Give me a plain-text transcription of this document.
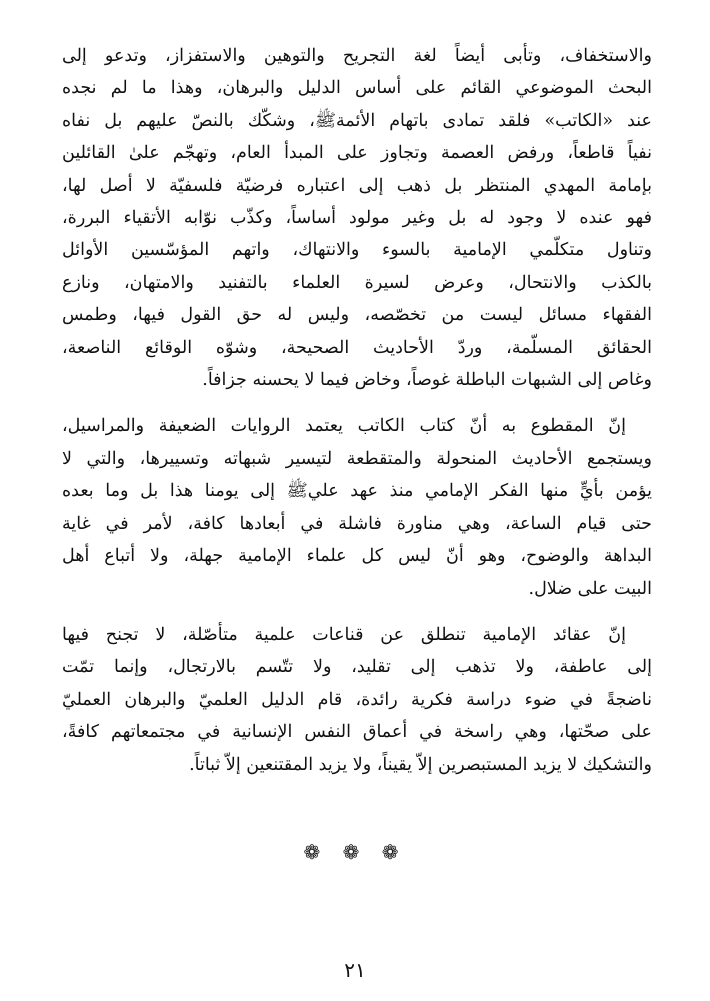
والاستخفاف، وتأبى أيضاً لغة التجريح والتوهين والاستفزاز، وتدعو إلى
البحث الموضوعي القائم على أساس الدليل والبرهان، وهذا ما لم نجده
عند «الكاتب» فلقد تمادى باتهام الأئمةﷺ، وشكّك بالنصّ عليهم بل نفاه
نفياً قاطعاً، ورفض العصمة وتجاوز على المبدأ العام، وتهجّم علىٰ القائلين
بإمامة المهدي المنتظر بل ذهب إلى اعتباره فرضيّة فلسفيّة لا أصل لها،
فهو عنده لا وجود له بل وغير مولود أساساً، وكذّب نوّابه الأتقياء البررة،
وتناول متكلّمي الإمامية بالسوء والانتهاك، واتهم المؤسّسين الأوائل
بالكذب والانتحال، وعرض لسيرة العلماء بالتفنيد والامتهان، ونازع
الفقهاء مسائل ليست من تخصّصه، وليس له حق القول فيها، وطمس
الحقائق المسلّمة، وردّ الأحاديث الصحيحة، وشوّه الوقائع الناصعة،
وغاص إلى الشبهات الباطلة غوصاً، وخاض فيما لا يحسنه جزافاً.
إنّ المقطوع به أنّ كتاب الكاتب يعتمد الروايات الضعيفة والمراسيل،
ويستجمع الأحاديث المنحولة والمتقطعة لتيسير شبهاته وتسييرها، والتي لا
يؤمن بأيٍّ منها الفكر الإمامي منذ عهد عليﷺ إلى يومنا هذا بل وما بعده
حتى قيام الساعة، وهي مناورة فاشلة في أبعادها كافة، لأمر في غاية
البداهة والوضوح، وهو أنّ ليس كل علماء الإمامية جهلة، ولا أتباع أهل
البيت على ضلال.
إنّ عقائد الإمامية تنطلق عن قناعات علمية متأصّلة، لا تجنح فيها
إلى عاطفة، ولا تذهب إلى تقليد، ولا تتّسم بالارتجال، وإنما تمّت
ناضجةً في ضوء دراسة فكرية رائدة، قام الدليل العلميّ والبرهان العمليّ
على صحّتها، وهي راسخة في أعماق النفس الإنسانية في مجتمعاتهم كافةً،
والتشكيك لا يزيد المستبصرين إلاّ يقيناً، ولا يزيد المقتنعين إلاّ ثباتاً.
❁ ❁ ❁
٢١
